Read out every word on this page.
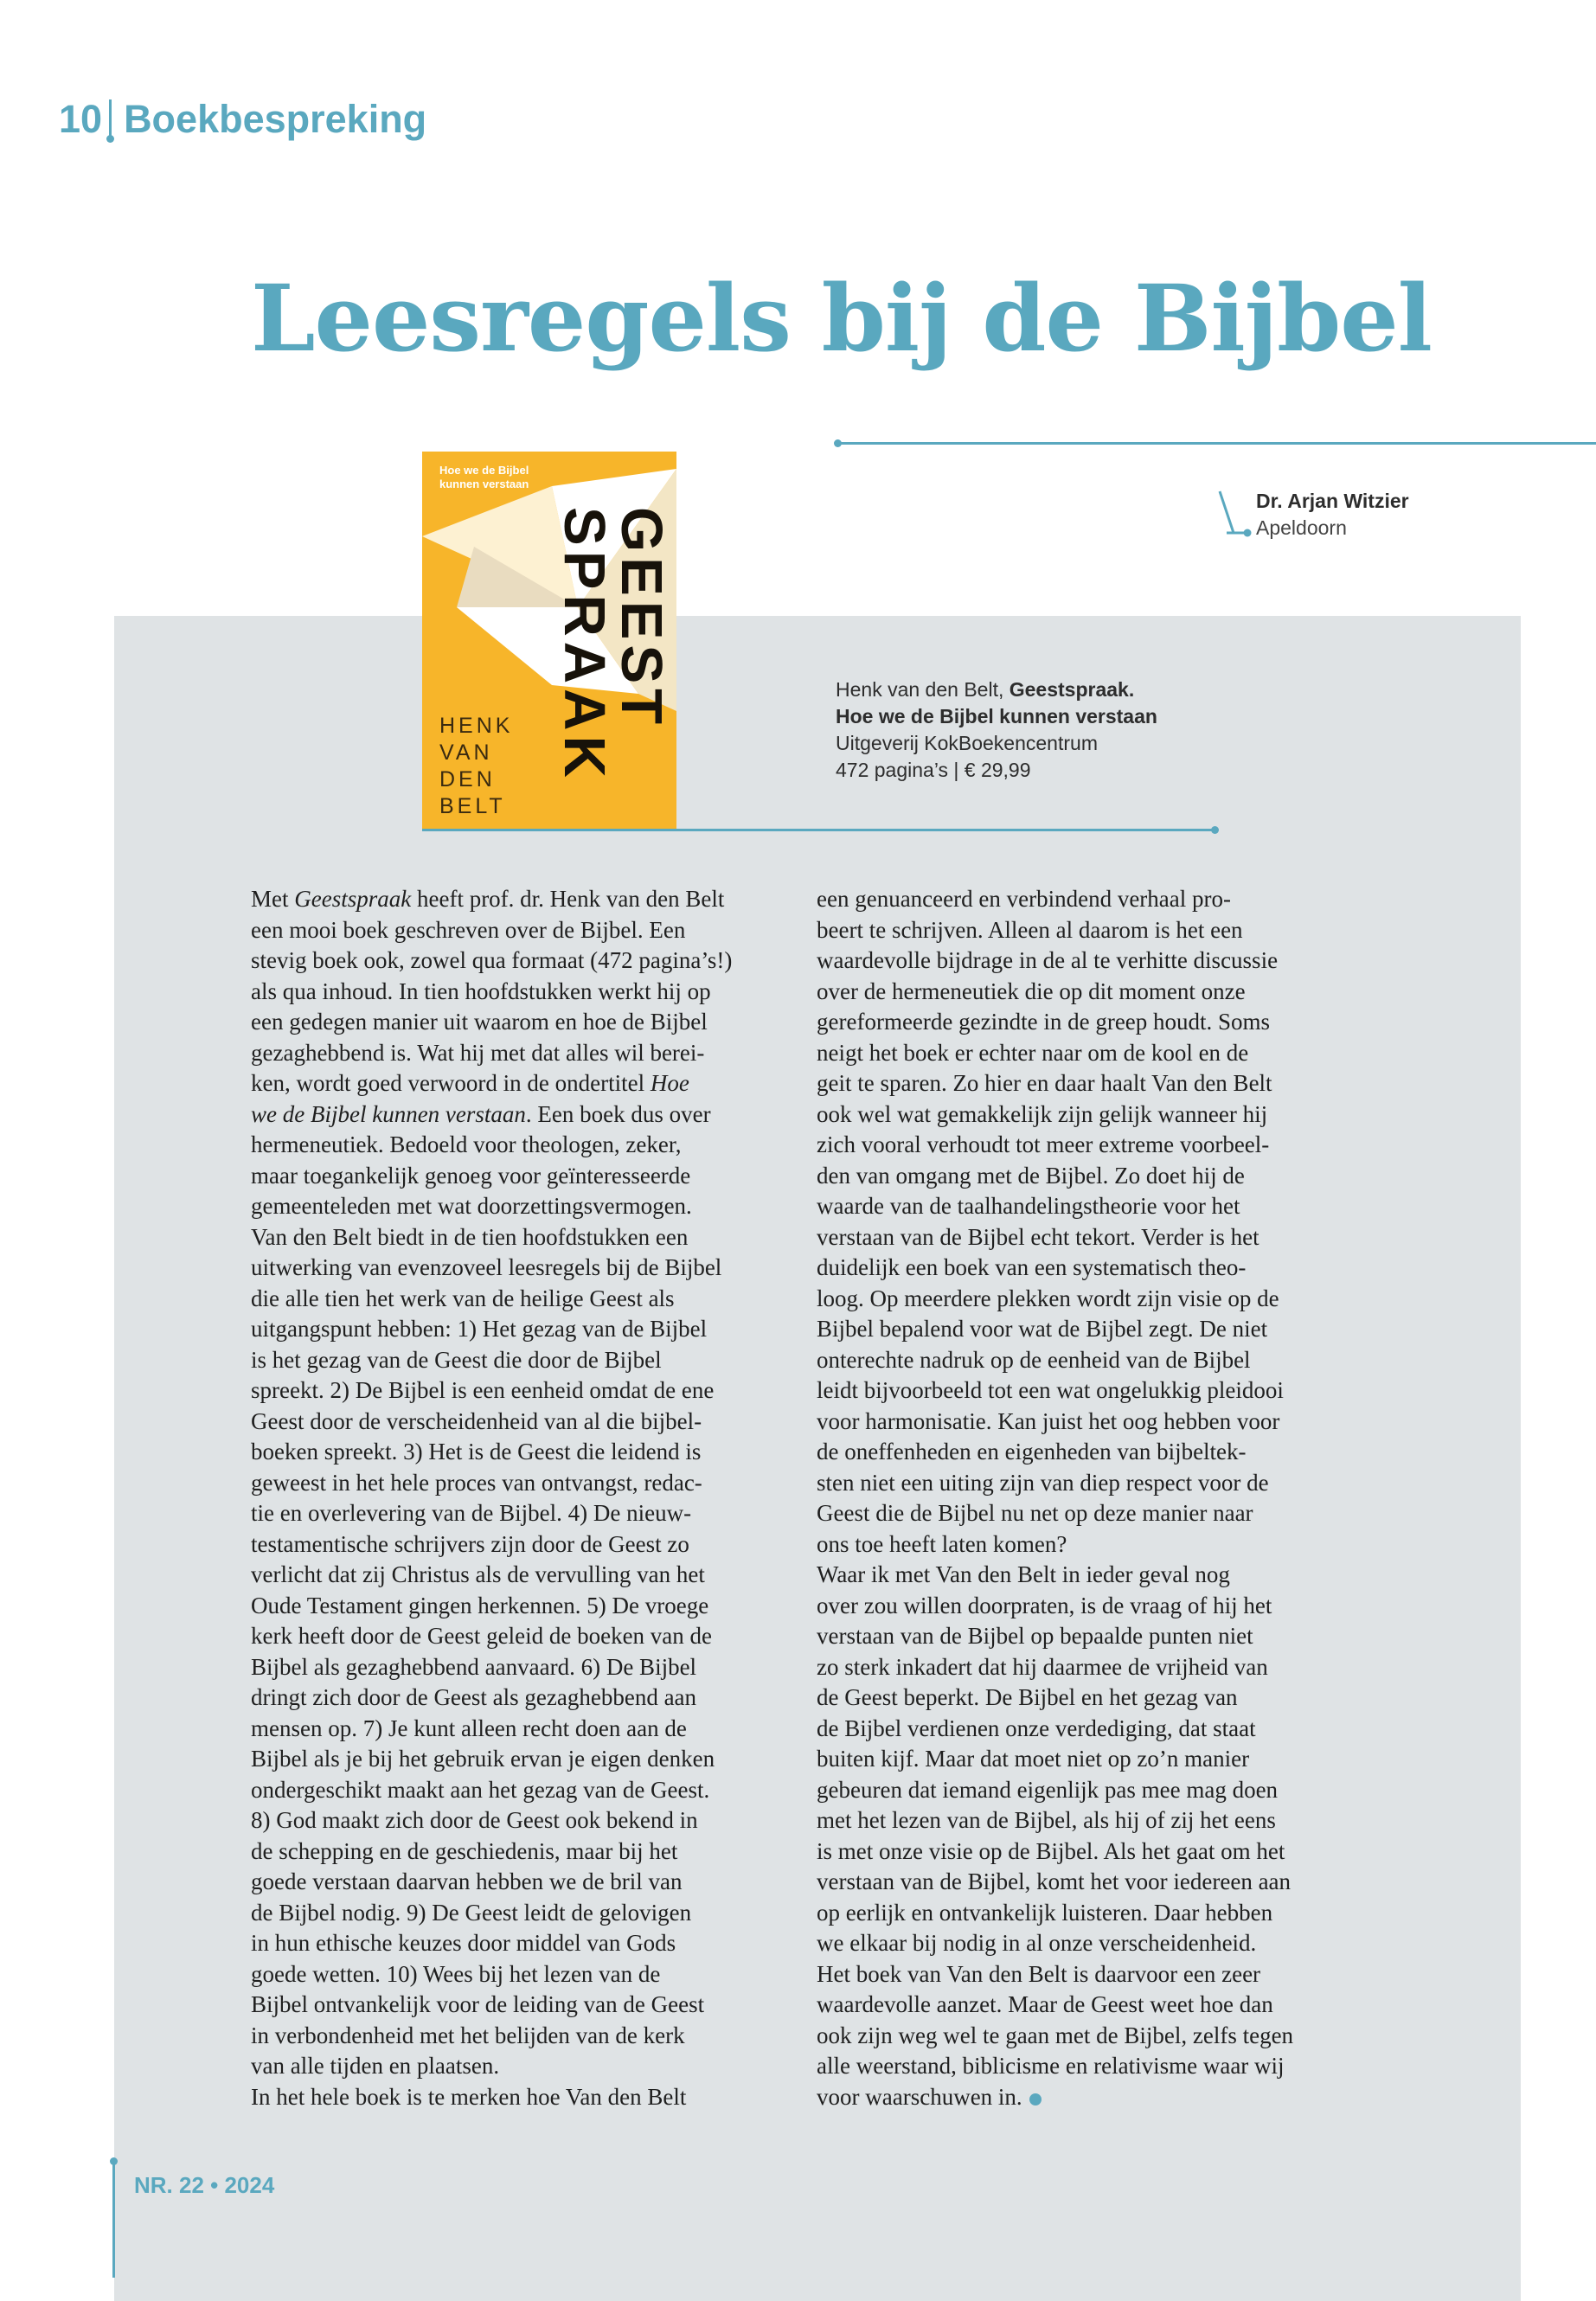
10 Boekbespreking
Leesregels bij de Bijbel
Dr. Arjan Witzier
Apeldoorn
Hoe we de Bijbel kunnen verstaan
GEEST
SPRAAK
HENK
VAN
DEN
BELT
Henk van den Belt, Geestspraak.
Hoe we de Bijbel kunnen verstaan
Uitgeverij KokBoekencentrum
472 pagina’s | € 29,99
Met Geestspraak heeft prof. dr. Henk van den Belt
een mooi boek geschreven over de Bijbel. Een
stevig boek ook, zowel qua formaat (472 pagina’s!)
als qua inhoud. In tien hoofdstukken werkt hij op
een gedegen manier uit waarom en hoe de Bijbel
gezaghebbend is. Wat hij met dat alles wil berei-
ken, wordt goed verwoord in de ondertitel Hoe
we de Bijbel kunnen verstaan. Een boek dus over
hermeneutiek. Bedoeld voor theologen, zeker,
maar toegankelijk genoeg voor geïnteresseerde
gemeenteleden met wat doorzettingsvermogen.
Van den Belt biedt in de tien hoofdstukken een
uitwerking van evenzoveel leesregels bij de Bijbel
die alle tien het werk van de heilige Geest als
uitgangspunt hebben: 1) Het gezag van de Bijbel
is het gezag van de Geest die door de Bijbel
spreekt. 2) De Bijbel is een eenheid omdat de ene
Geest door de verscheidenheid van al die bijbel-
boeken spreekt. 3) Het is de Geest die leidend is
geweest in het hele proces van ontvangst, redac-
tie en overlevering van de Bijbel. 4) De nieuw-
testamentische schrijvers zijn door de Geest zo
verlicht dat zij Christus als de vervulling van het
Oude Testament gingen herkennen. 5) De vroege
kerk heeft door de Geest geleid de boeken van de
Bijbel als gezaghebbend aanvaard. 6) De Bijbel
dringt zich door de Geest als gezaghebbend aan
mensen op. 7) Je kunt alleen recht doen aan de
Bijbel als je bij het gebruik ervan je eigen denken
ondergeschikt maakt aan het gezag van de Geest.
8) God maakt zich door de Geest ook bekend in
de schepping en de geschiedenis, maar bij het
goede verstaan daarvan hebben we de bril van
de Bijbel nodig. 9) De Geest leidt de gelovigen
in hun ethische keuzes door middel van Gods
goede wetten. 10) Wees bij het lezen van de
Bijbel ontvankelijk voor de leiding van de Geest
in verbondenheid met het belijden van de kerk
van alle tijden en plaatsen.
In het hele boek is te merken hoe Van den Belt
een genuanceerd en verbindend verhaal pro-
beert te schrijven. Alleen al daarom is het een
waardevolle bijdrage in de al te verhitte discussie
over de hermeneutiek die op dit moment onze
gereformeerde gezindte in de greep houdt. Soms
neigt het boek er echter naar om de kool en de
geit te sparen. Zo hier en daar haalt Van den Belt
ook wel wat gemakkelijk zijn gelijk wanneer hij
zich vooral verhoudt tot meer extreme voorbeel-
den van omgang met de Bijbel. Zo doet hij de
waarde van de taalhandelingstheorie voor het
verstaan van de Bijbel echt tekort. Verder is het
duidelijk een boek van een systematisch theo-
loog. Op meerdere plekken wordt zijn visie op de
Bijbel bepalend voor wat de Bijbel zegt. De niet
onterechte nadruk op de eenheid van de Bijbel
leidt bijvoorbeeld tot een wat ongelukkig pleidooi
voor harmonisatie. Kan juist het oog hebben voor
de oneffenheden en eigenheden van bijbeltek-
sten niet een uiting zijn van diep respect voor de
Geest die de Bijbel nu net op deze manier naar
ons toe heeft laten komen?
Waar ik met Van den Belt in ieder geval nog
over zou willen doorpraten, is de vraag of hij het
verstaan van de Bijbel op bepaalde punten niet
zo sterk inkadert dat hij daarmee de vrijheid van
de Geest beperkt. De Bijbel en het gezag van
de Bijbel verdienen onze verdediging, dat staat
buiten kijf. Maar dat moet niet op zo’n manier
gebeuren dat iemand eigenlijk pas mee mag doen
met het lezen van de Bijbel, als hij of zij het eens
is met onze visie op de Bijbel. Als het gaat om het
verstaan van de Bijbel, komt het voor iedereen aan
op eerlijk en ontvankelijk luisteren. Daar hebben
we elkaar bij nodig in al onze verscheidenheid.
Het boek van Van den Belt is daarvoor een zeer
waardevolle aanzet. Maar de Geest weet hoe dan
ook zijn weg wel te gaan met de Bijbel, zelfs tegen
alle weerstand, biblicisme en relativisme waar wij
voor waarschuwen in.
NR. 22 • 2024
